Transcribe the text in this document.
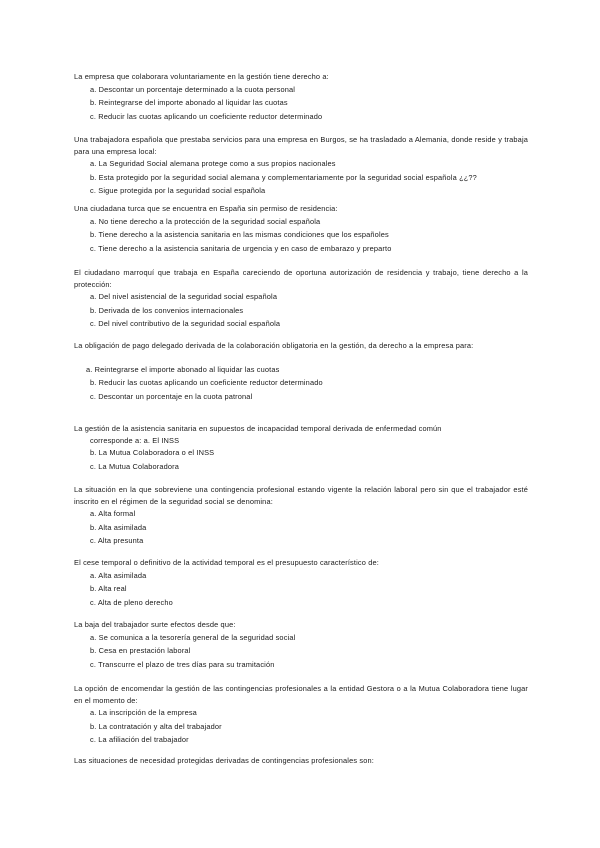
La empresa que colaborara voluntariamente en la gestión tiene derecho a:

a. Descontar un porcentaje determinado a la cuota personal
b. Reintegrarse del importe abonado al liquidar las cuotas
c. Reducir las cuotas aplicando un coeficiente reductor determinado

Una trabajadora española que prestaba servicios para una empresa en Burgos, se ha trasladado a Alemania, donde reside y trabaja para una empresa local:

a. La Seguridad Social alemana protege como a sus propios nacionales
b. Esta protegido por la seguridad social alemana y complementariamente por la seguridad social española ¿¿??
c. Sigue protegida por la seguridad social española

Una ciudadana turca que se encuentra en España sin permiso de residencia:

a. No tiene derecho a la protección de la seguridad social española
b. Tiene derecho a la asistencia sanitaria en las mismas condiciones que los españoles
c. Tiene derecho a la asistencia sanitaria de urgencia y en caso de embarazo y preparto

El ciudadano marroquí que trabaja en España careciendo de oportuna autorización de residencia y trabajo, tiene derecho a la protección:

a. Del nivel asistencial de la seguridad social española
b. Derivada de los convenios internacionales
c. Del nivel contributivo de la seguridad social española

La obligación de pago delegado derivada de la colaboración obligatoria en la gestión, da derecho a la empresa para:

a. Reintegrarse el importe abonado al liquidar las cuotas
b. Reducir las cuotas aplicando un coeficiente reductor determinado
c. Descontar un porcentaje en la cuota patronal

La gestión de la asistencia sanitaria en supuestos de incapacidad temporal derivada de enfermedad común

corresponde a: a. El INSS

b. La Mutua Colaboradora o el INSS
c. La Mutua Colaboradora

La situación en la que sobreviene una contingencia profesional estando vigente la relación laboral pero sin que el trabajador esté inscrito en el régimen de la seguridad social se denomina:

a. Alta formal
b. Alta asimilada
c. Alta presunta

El cese temporal o definitivo de la actividad temporal es el presupuesto característico de:

a. Alta asimilada
b. Alta real
c. Alta de pleno derecho

La baja del trabajador surte efectos desde que:

a. Se comunica a la tesorería general de la seguridad social
b. Cesa en prestación laboral
c. Transcurre el plazo de tres días para su tramitación

La opción de encomendar la gestión de las contingencias profesionales a la entidad Gestora o a la Mutua Colaboradora tiene lugar en el momento de:

a. La inscripción de la empresa
b. La contratación y alta del trabajador
c. La afiliación del trabajador

Las situaciones de necesidad protegidas derivadas de contingencias profesionales son:
